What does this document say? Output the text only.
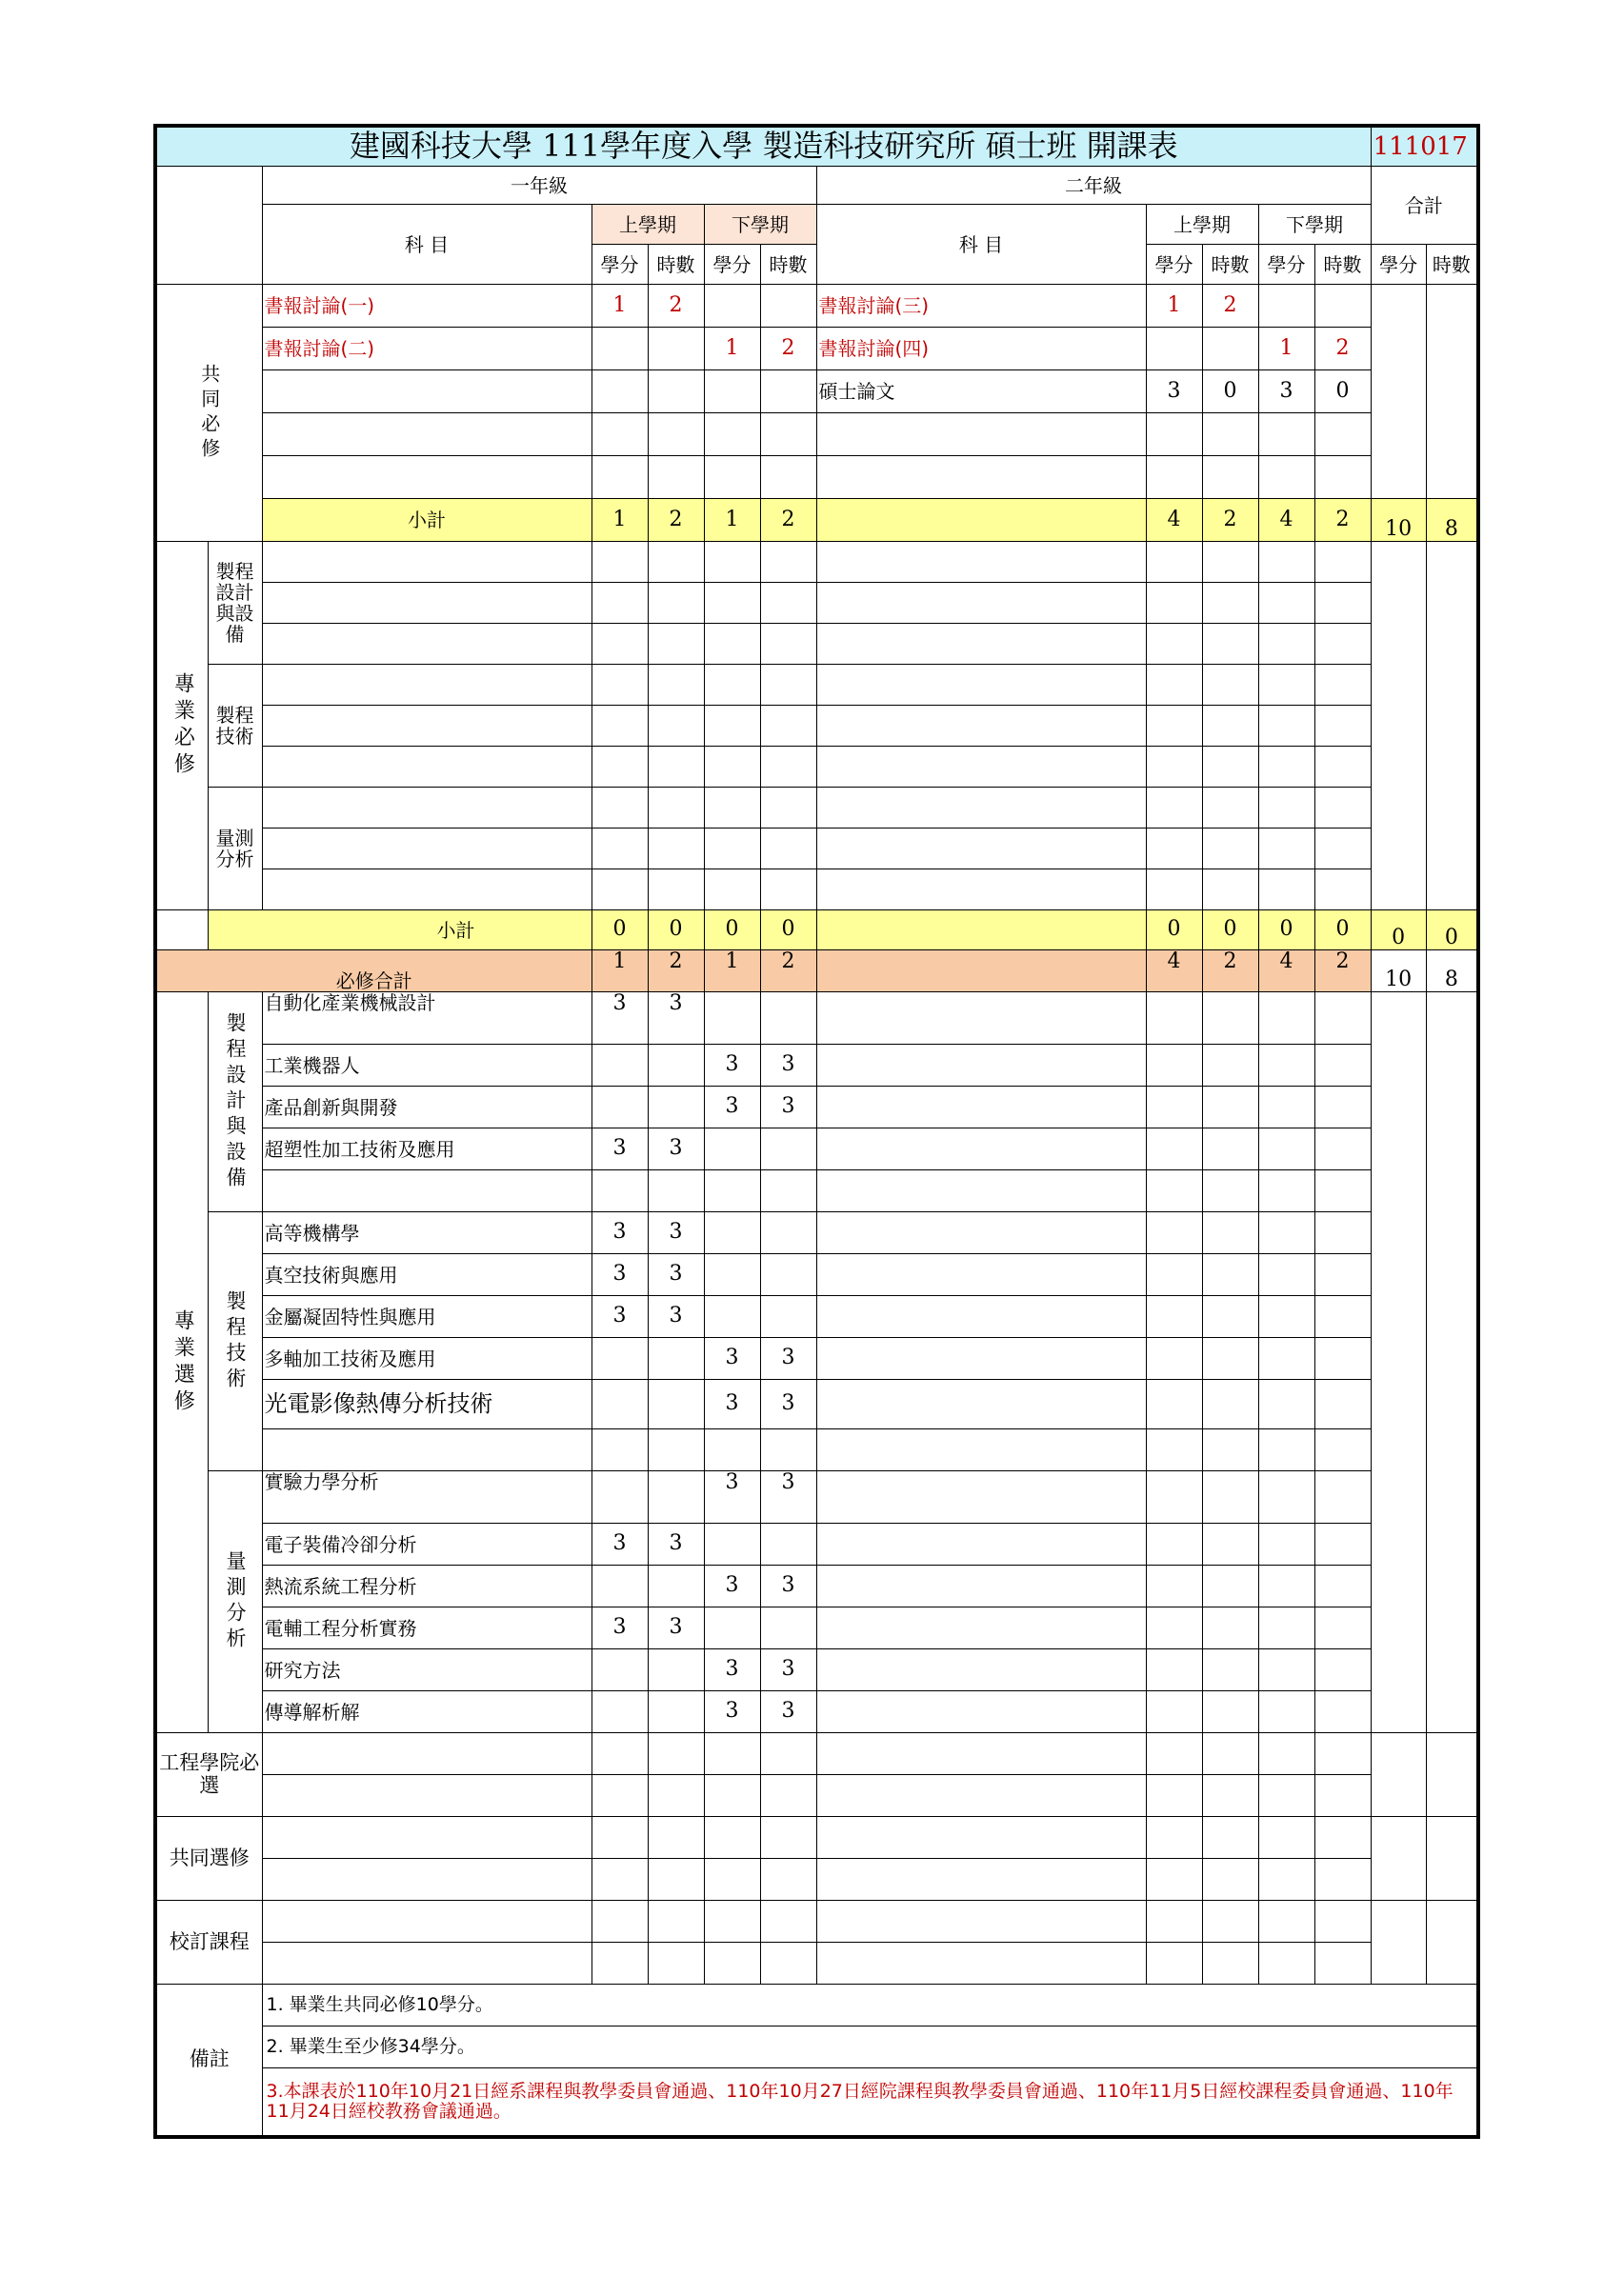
建國科技大學 111學年度入學 製造科技研究所 碩士班 開課表												111017	
		一年級					二年級					合計	
		科 目	上學期		下學期		科 目	上學期		下學期			
			學分	時數	學分	時數		學分	時數	學分	時數	學分	時數
共同必修		書報討論(一)	1	2			書報討論(三)	1	2				
		書報討論(二)			1	2	書報討論(四)			1	2		
							碩士論文	3	0	3	0		

		小計	1	2	1	2		4	2	4	2	10	8
專業必修	製程設計與設備												

	製程技術												

	量測分析												

	小計		0	0	0	0		0	0	0	0	0	0
必修合計			1	2	1	2		4	2	4	2	10	8
專業選修	製程設計與設備	自動化產業機械設計	3	3									
		工業機器人			3	3							
		產品創新與開發			3	3							
		超塑性加工技術及應用	3	3									

	製程技術	高等機構學	3	3									
		真空技術與應用	3	3									
		金屬凝固特性與應用	3	3									
		多軸加工技術及應用			3	3							
		光電影像熱傳分析技術			3	3							

	量測分析	實驗力學分析			3	3							
		電子裝備冷卻分析	3	3									
		熱流系統工程分析			3	3							
		電輔工程分析實務	3	3									
		研究方法			3	3							
		傳導解析解			3	3							
工程學院必選													

共同選修													

校訂課程													

備註		1. 畢業生共同必修10學分。											
		2. 畢業生至少修34學分。											
		3.本課表於110年10月21日經系課程與教學委員會通過、110年10月27日經院課程與教學委員會通過、110年11月5日經校課程委員會通過、110年11月24日經校教務會議通過。											
